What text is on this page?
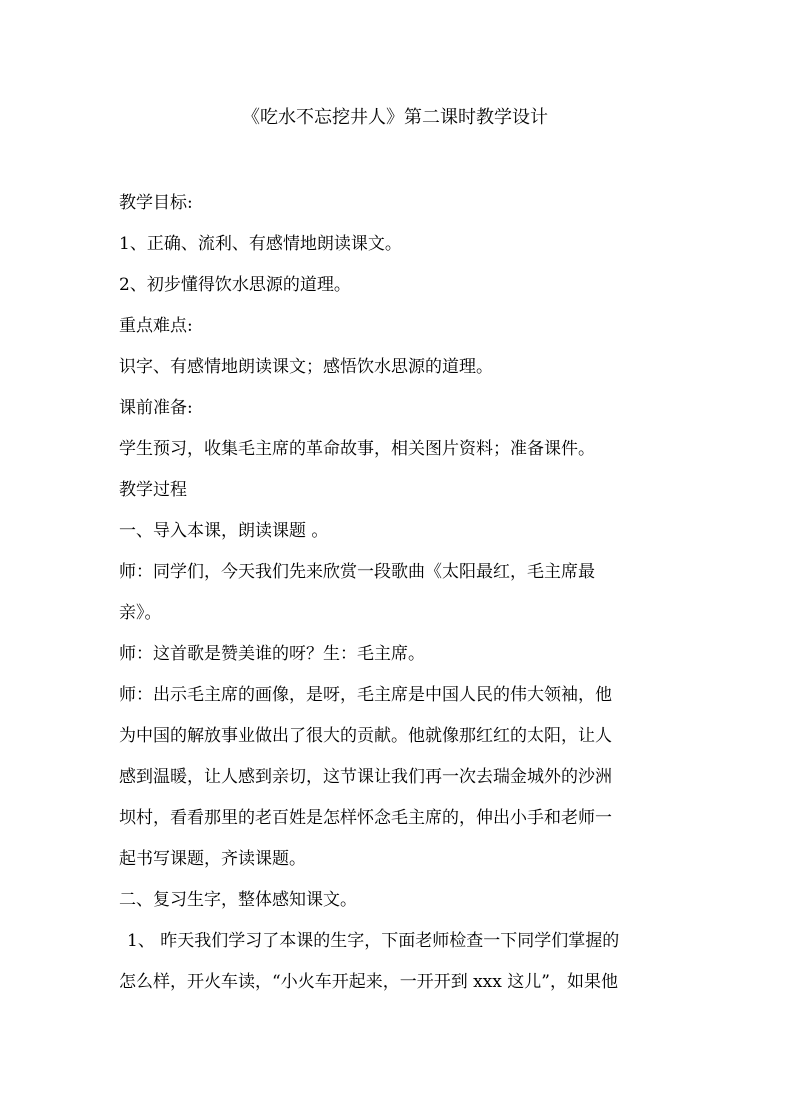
《吃水不忘挖井人》第二课时教学设计
教学目标:
1、正确、流利、有感情地朗读课文。
2、初步懂得饮水思源的道理。
重点难点:
识字、有感情地朗读课文；感悟饮水思源的道理。
课前准备:
学生预习，收集毛主席的革命故事，相关图片资料；准备课件。
教学过程
一、导入本课，朗读课题 。
师：同学们，今天我们先来欣赏一段歌曲《太阳最红，毛主席最
亲》。
师：这首歌是赞美谁的呀？生：毛主席。
师：出示毛主席的画像，是呀，毛主席是中国人民的伟大领袖，他
为中国的解放事业做出了很大的贡献。他就像那红红的太阳，让人
感到温暖，让人感到亲切，这节课让我们再一次去瑞金城外的沙洲
坝村，看看那里的老百姓是怎样怀念毛主席的，伸出小手和老师一
起书写课题，齐读课题。
二、复习生字，整体感知课文。
1、 昨天我们学习了本课的生字，下面老师检查一下同学们掌握的
怎么样，开火车读，“小火车开起来，一开开到 xxx 这儿”，如果他
